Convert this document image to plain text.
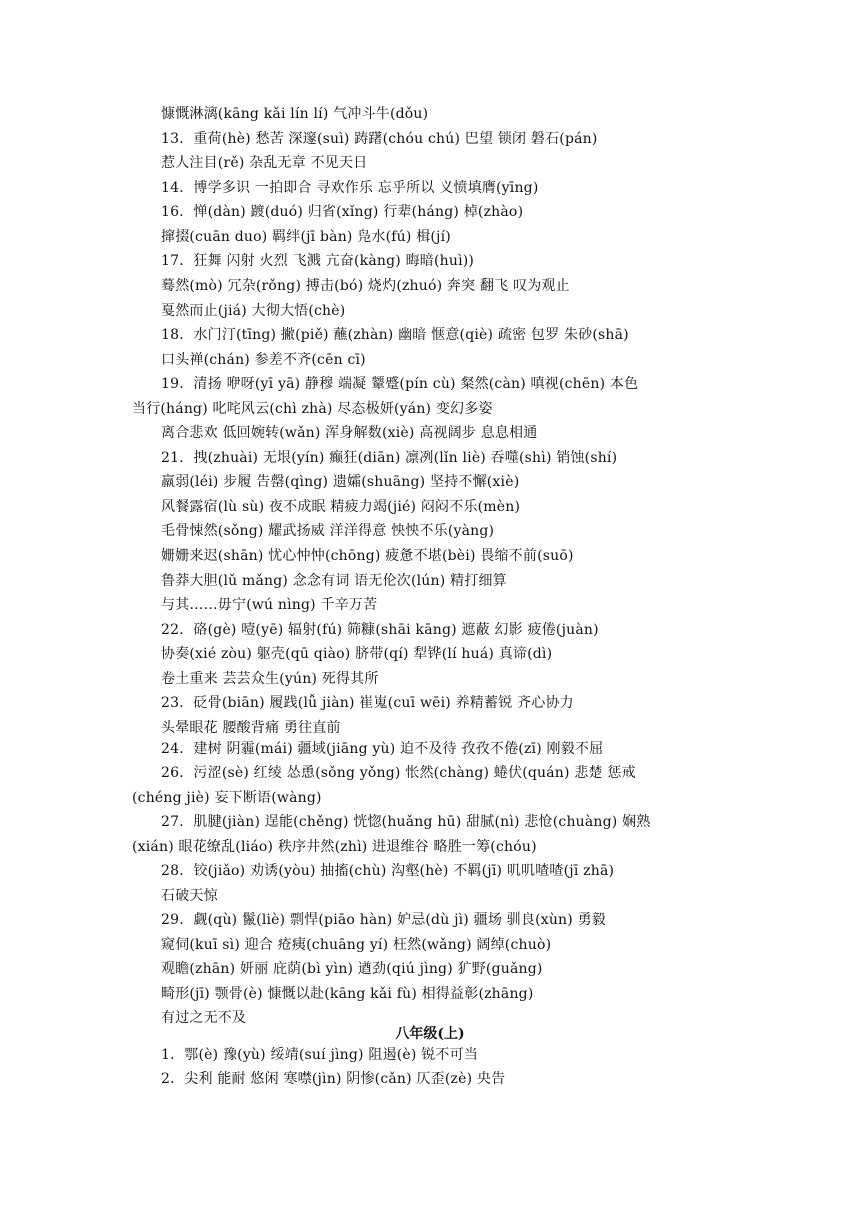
慷慨淋漓(kāng kǎi lín lí) 气冲斗牛(dǒu)
13．重荷(hè) 愁苦 深邃(suì) 踌躇(chóu chú) 巴望 锁闭 磐石(pán)
惹人注目(rě) 杂乱无章 不见天日
14．博学多识 一拍即合 寻欢作乐 忘乎所以 义愤填膺(yīng)
16．惮(dàn) 踱(duó) 归省(xǐng) 行辈(háng) 棹(zhào)
撺掇(cuān duo) 羁绊(jī bàn) 凫水(fú) 楫(jí)
17．狂舞 闪射 火烈 飞溅 亢奋(kàng) 晦暗(huì))
蓦然(mò) 冗杂(rǒng) 搏击(bó) 烧灼(zhuó) 奔突 翻飞 叹为观止
戛然而止(jiá) 大彻大悟(chè)
18．水门汀(tīng) 撇(piě) 蘸(zhàn) 幽暗 惬意(qiè) 疏密 包罗 朱砂(shā)
口头禅(chán) 参差不齐(cēn cī)
19．清扬 咿呀(yī yā) 静穆 端凝 颦蹙(pín cù) 粲然(càn) 嗔视(chēn) 本色
当行(háng) 叱咤风云(chì zhà) 尽态极妍(yán) 变幻多姿
离合悲欢 低回婉转(wǎn) 浑身解数(xiè) 高视阔步 息息相通
21．拽(zhuài) 无垠(yín) 癫狂(diān) 凛冽(lǐn liè) 吞噬(shì) 销蚀(shí)
羸弱(léi) 步履 告罄(qìng) 遗孀(shuāng) 坚持不懈(xiè)
风餐露宿(lù sù) 夜不成眠 精疲力竭(jié) 闷闷不乐(mèn)
毛骨悚然(sǒng) 耀武扬威 洋洋得意 怏怏不乐(yàng)
姗姗来迟(shān) 忧心忡忡(chōng) 疲惫不堪(bèi) 畏缩不前(suō)
鲁莽大胆(lǔ mǎng) 念念有词 语无伦次(lún) 精打细算
与其……毋宁(wú nìng) 千辛万苦
22．硌(gè) 噎(yē) 辐射(fú) 筛糠(shāi kāng) 遮蔽 幻影 疲倦(juàn)
协奏(xié zòu) 躯壳(qū qiào) 脐带(qí) 犁铧(lí huá) 真谛(dì)
卷土重来 芸芸众生(yún) 死得其所
23．砭骨(biān) 履践(lǚ jiàn) 崔嵬(cuī wēi) 养精蓄锐 齐心协力
头晕眼花 腰酸背痛 勇往直前
24．建树 阴霾(mái) 疆域(jiāng yù) 迫不及待 孜孜不倦(zī) 刚毅不屈
26．污涩(sè) 红绫 怂恿(sǒng yǒng) 怅然(chàng) 蜷伏(quán) 悲楚 惩戒
(chéng jiè) 妄下断语(wàng)
27．肌腱(jiàn) 逞能(chěng) 恍惚(huǎng hū) 甜腻(nì) 悲怆(chuàng) 娴熟
(xián) 眼花缭乱(liáo) 秩序井然(zhì) 进退维谷 略胜一筹(chóu)
28．铰(jiǎo) 劝诱(yòu) 抽搐(chù) 沟壑(hè) 不羁(jī) 叽叽喳喳(jī zhā)
石破天惊
29．觑(qù) 鬣(liè) 剽悍(piāo hàn) 妒忌(dù jì) 疆场 驯良(xùn) 勇毅
窥伺(kuī sì) 迎合 疮痍(chuāng yí) 枉然(wǎng) 阔绰(chuò)
观瞻(zhān) 妍丽 庇荫(bì yìn) 遒劲(qiú jìng) 犷野(guǎng)
畸形(jī) 颚骨(è) 慷慨以赴(kāng kǎi fù) 相得益彰(zhāng)
有过之无不及
八年级(上)
1．鄂(è) 豫(yù) 绥靖(suí jìng) 阻遏(è) 锐不可当
2．尖利 能耐 悠闲 寒噤(jìn) 阴惨(cǎn) 仄歪(zè) 央告
